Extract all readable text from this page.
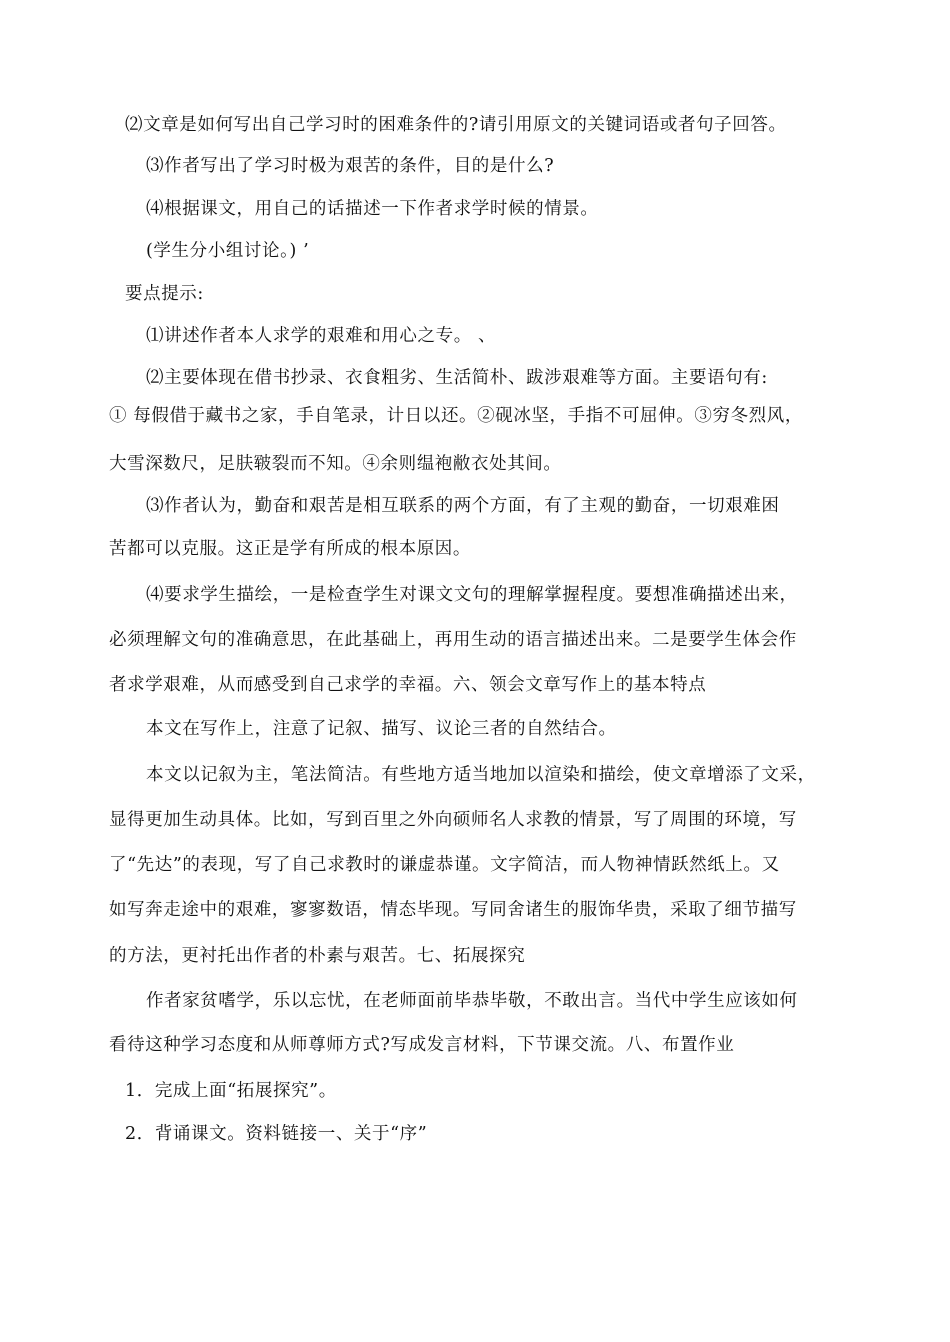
⑵文章是如何写出自己学习时的困难条件的?请引用原文的关键词语或者句子回答。
⑶作者写出了学习时极为艰苦的条件，目的是什么?
⑷根据课文，用自己的话描述一下作者求学时候的情景。
(学生分小组讨论。) ’
要点提示:
⑴讲述作者本人求学的艰难和用心之专。 、
⑵主要体现在借书抄录、衣食粗劣、生活简朴、跋涉艰难等方面。主要语句有:
① 每假借于藏书之家，手自笔录，计日以还。②砚冰坚，手指不可屈伸。③穷冬烈风，
大雪深数尺，足肤皲裂而不知。④余则缊袍敝衣处其间。
⑶作者认为，勤奋和艰苦是相互联系的两个方面，有了主观的勤奋，一切艰难困
苦都可以克服。这正是学有所成的根本原因。
⑷要求学生描绘，一是检查学生对课文文句的理解掌握程度。要想准确描述出来，
必须理解文句的准确意思，在此基础上，再用生动的语言描述出来。二是要学生体会作
者求学艰难，从而感受到自己求学的幸福。六、领会文章写作上的基本特点
本文在写作上，注意了记叙、描写、议论三者的自然结合。
本文以记叙为主，笔法简洁。有些地方适当地加以渲染和描绘，使文章增添了文采，
显得更加生动具体。比如，写到百里之外向硕师名人求教的情景，写了周围的环境，写
了“先达”的表现，写了自己求教时的谦虚恭谨。文字简洁，而人物神情跃然纸上。又
如写奔走途中的艰难，寥寥数语，情态毕现。写同舍诸生的服饰华贵，采取了细节描写
的方法，更衬托出作者的朴素与艰苦。七、拓展探究
作者家贫嗜学，乐以忘忧，在老师面前毕恭毕敬，不敢出言。当代中学生应该如何
看待这种学习态度和从师尊师方式?写成发言材料，下节课交流。八、布置作业
1．完成上面“拓展探究”。
2．背诵课文。资料链接一、关于“序”
